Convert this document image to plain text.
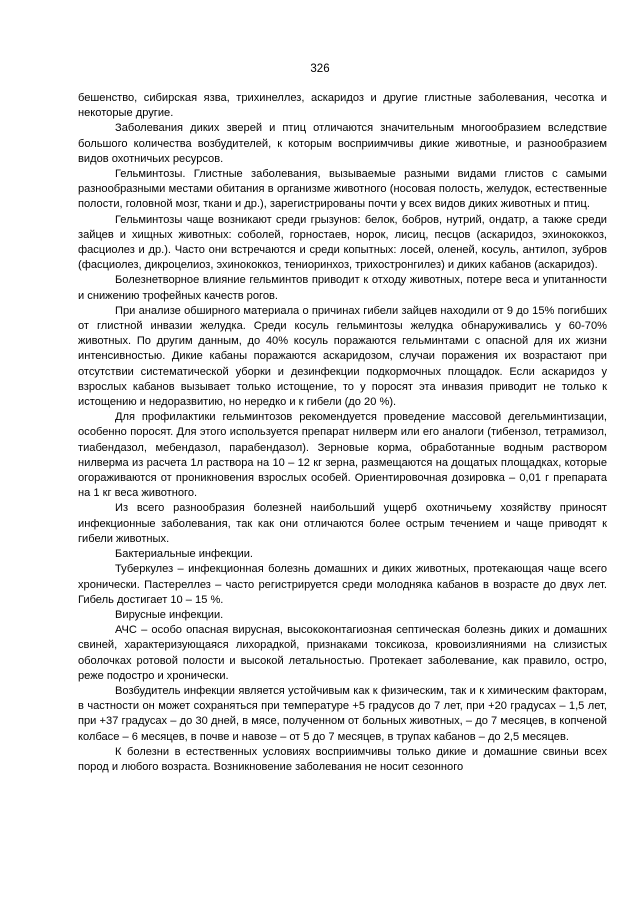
326

бешенство, сибирская язва, трихинеллез, аскаридоз и другие глистные заболевания, чесотка и некоторые другие.

Заболевания диких зверей и птиц отличаются значительным многообразием вследствие большого количества возбудителей, к которым восприимчивы дикие животные, и разнообразием видов охотничьих ресурсов.

Гельминтозы. Глистные заболевания, вызываемые разными видами глистов с самыми разнообразными местами обитания в организме животного (носовая полость, желудок, естественные полости, головной мозг, ткани и др.), зарегистрированы почти у всех видов диких животных и птиц.

Гельминтозы чаще возникают среди грызунов: белок, бобров, нутрий, ондатр, а также среди зайцев и хищных животных: соболей, горностаев, норок, лисиц, песцов (аскаридоз, эхинококкоз, фасциолез и др.). Часто они встречаются и среди копытных: лосей, оленей, косуль, антилоп, зубров (фасциолез, дикроцелиоз, эхинококкоз, тениоринхоз, трихостронгилез) и диких кабанов (аскаридоз).

Болезнетворное влияние гельминтов приводит к отходу животных, потере веса и упитанности и снижению трофейных качеств рогов.

При анализе обширного материала о причинах гибели зайцев находили от 9 до 15% погибших от глистной инвазии желудка. Среди косуль гельминтозы желудка обнаруживались у 60-70% животных. По другим данным, до 40% косуль поражаются гельминтами с опасной для их жизни интенсивностью. Дикие кабаны поражаются аскаридозом, случаи поражения их возрастают при отсутствии систематической уборки и дезинфекции подкормочных площадок. Если аскаридоз у взрослых кабанов вызывает только истощение, то у поросят эта инвазия приводит не только к истощению и недоразвитию, но нередко и к гибели (до 20 %).

Для профилактики гельминтозов рекомендуется проведение массовой дегельминтизации, особенно поросят. Для этого используется препарат нилверм или его аналоги (тибензол, тетрамизол, тиабендазол, мебендазол, парабендазол). Зерновые корма, обработанные водным раствором нилверма из расчета 1л раствора на 10 – 12 кг зерна, размещаются на дощатых площадках, которые огораживаются от проникновения взрослых особей. Ориентировочная дозировка – 0,01 г препарата на 1 кг веса животного.

Из всего разнообразия болезней наибольший ущерб охотничьему хозяйству приносят инфекционные заболевания, так как они отличаются более острым течением и чаще приводят к гибели животных.

Бактериальные инфекции.

Туберкулез – инфекционная болезнь домашних и диких животных, протекающая чаще всего хронически. Пастереллез – часто регистрируется среди молодняка кабанов в возрасте до двух лет. Гибель достигает 10 – 15 %.

Вирусные инфекции.

АЧС – особо опасная вирусная, высококонтагиозная септическая болезнь диких и домашних свиней, характеризующаяся лихорадкой, признаками токсикоза, кровоизлияниями на слизистых оболочках ротовой полости и высокой летальностью. Протекает заболевание, как правило, остро, реже подостро и хронически.

Возбудитель инфекции является устойчивым как к физическим, так и к химическим факторам, в частности он может сохраняться при температуре +5 градусов до 7 лет, при +20 градусах – 1,5 лет, при +37 градусах – до 30 дней, в мясе, полученном от больных животных, – до 7 месяцев, в копченой колбасе – 6 месяцев, в почве и навозе – от 5 до 7 месяцев, в трупах кабанов – до 2,5 месяцев.

К болезни в естественных условиях восприимчивы только дикие и домашние свиньи всех пород и любого возраста. Возникновение заболевания не носит сезонного
